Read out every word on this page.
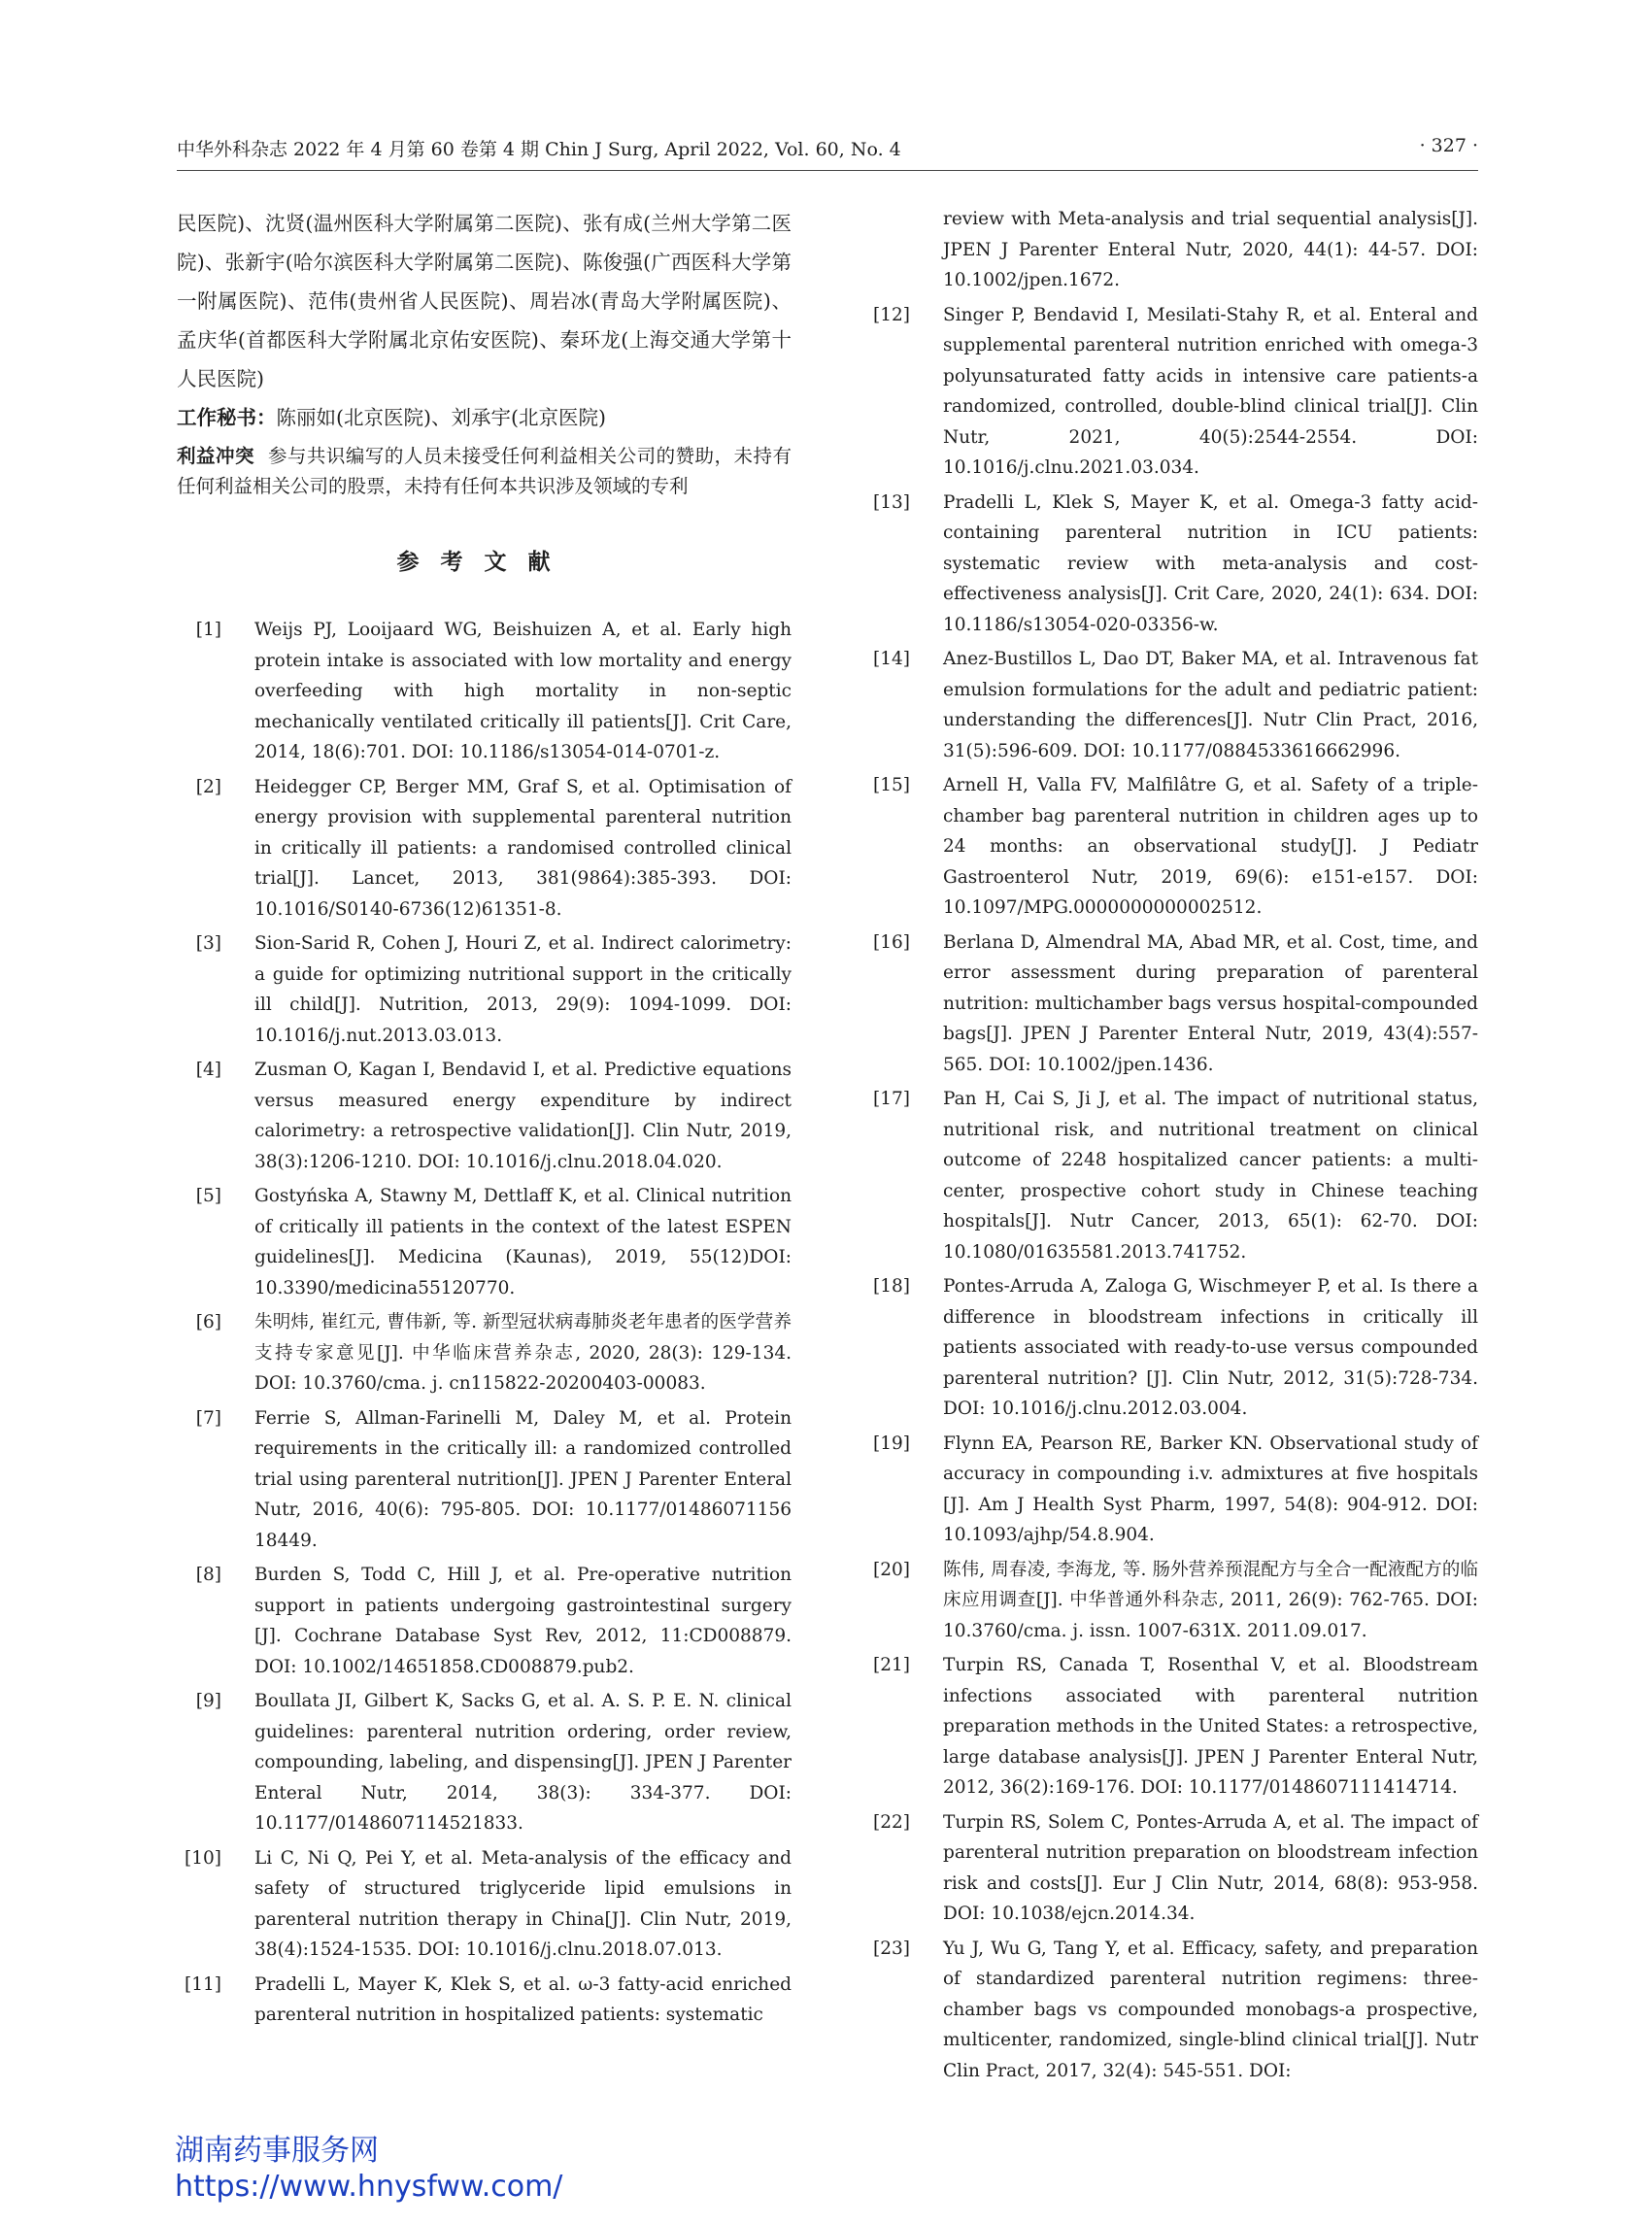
中华外科杂志 2022 年 4 月第 60 卷第 4 期 Chin J Surg, April 2022, Vol. 60, No. 4	· 327 ·

民医院)、沈贤(温州医科大学附属第二医院)、张有成(兰州大学第二医院)、张新宇(哈尔滨医科大学附属第二医院)、陈俊强(广西医科大学第一附属医院)、范伟(贵州省人民医院)、周岩冰(青岛大学附属医院)、孟庆华(首都医科大学附属北京佑安医院)、秦环龙(上海交通大学第十人民医院)

工作秘书：陈丽如(北京医院)、刘承宇(北京医院)

利益冲突 参与共识编写的人员未接受任何利益相关公司的赞助，未持有任何利益相关公司的股票，未持有任何本共识涉及领域的专利

参考文献
[1] Weijs PJ, Looijaard WG, Beishuizen A, et al. Early high protein intake is associated with low mortality and energy overfeeding with high mortality in non-septic mechanically ventilated critically ill patients[J]. Crit Care, 2014, 18(6):701. DOI: 10.1186/s13054-014-0701-z.
[2] Heidegger CP, Berger MM, Graf S, et al. Optimisation of energy provision with supplemental parenteral nutrition in critically ill patients: a randomised controlled clinical trial[J]. Lancet, 2013, 381(9864):385-393. DOI: 10.1016/S0140-6736(12)61351-8.
[3] Sion-Sarid R, Cohen J, Houri Z, et al. Indirect calorimetry: a guide for optimizing nutritional support in the critically ill child[J]. Nutrition, 2013, 29(9): 1094-1099. DOI: 10.1016/j.nut.2013.03.013.
[4] Zusman O, Kagan I, Bendavid I, et al. Predictive equations versus measured energy expenditure by indirect calorimetry: a retrospective validation[J]. Clin Nutr, 2019, 38(3):1206-1210. DOI: 10.1016/j.clnu.2018.04.020.
[5] Gostyńska A, Stawny M, Dettlaff K, et al. Clinical nutrition of critically ill patients in the context of the latest ESPEN guidelines[J]. Medicina (Kaunas), 2019, 55(12)DOI: 10.3390/medicina55120770.
[6] 朱明炜, 崔红元, 曹伟新, 等. 新型冠状病毒肺炎老年患者的医学营养支持专家意见[J]. 中华临床营养杂志, 2020, 28(3): 129-134. DOI: 10.3760/cma. j. cn115822-20200403-00083.
[7] Ferrie S, Allman-Farinelli M, Daley M, et al. Protein requirements in the critically ill: a randomized controlled trial using parenteral nutrition[J]. JPEN J Parenter Enteral Nutr, 2016, 40(6): 795-805. DOI: 10.1177/01486071156 18449.
[8] Burden S, Todd C, Hill J, et al. Pre-operative nutrition support in patients undergoing gastrointestinal surgery [J]. Cochrane Database Syst Rev, 2012, 11:CD008879. DOI: 10.1002/14651858.CD008879.pub2.
[9] Boullata JI, Gilbert K, Sacks G, et al. A. S. P. E. N. clinical guidelines: parenteral nutrition ordering, order review, compounding, labeling, and dispensing[J]. JPEN J Parenter Enteral Nutr, 2014, 38(3): 334-377. DOI: 10.1177/0148607114521833.
[10] Li C, Ni Q, Pei Y, et al. Meta-analysis of the efficacy and safety of structured triglyceride lipid emulsions in parenteral nutrition therapy in China[J]. Clin Nutr, 2019, 38(4):1524-1535. DOI: 10.1016/j.clnu.2018.07.013.
[11] Pradelli L, Mayer K, Klek S, et al. ω-3 fatty-acid enriched parenteral nutrition in hospitalized patients: systematic
review with Meta-analysis and trial sequential analysis[J]. JPEN J Parenter Enteral Nutr, 2020, 44(1): 44-57. DOI: 10.1002/jpen.1672.
[12] Singer P, Bendavid I, Mesilati-Stahy R, et al. Enteral and supplemental parenteral nutrition enriched with omega-3 polyunsaturated fatty acids in intensive care patients-a randomized, controlled, double-blind clinical trial[J]. Clin Nutr, 2021, 40(5):2544-2554. DOI: 10.1016/j.clnu.2021.03.034.
[13] Pradelli L, Klek S, Mayer K, et al. Omega-3 fatty acid-containing parenteral nutrition in ICU patients: systematic review with meta-analysis and cost-effectiveness analysis[J]. Crit Care, 2020, 24(1): 634. DOI: 10.1186/s13054-020-03356-w.
[14] Anez-Bustillos L, Dao DT, Baker MA, et al. Intravenous fat emulsion formulations for the adult and pediatric patient: understanding the differences[J]. Nutr Clin Pract, 2016, 31(5):596-609. DOI: 10.1177/0884533616662996.
[15] Arnell H, Valla FV, Malfilâtre G, et al. Safety of a triple-chamber bag parenteral nutrition in children ages up to 24 months: an observational study[J]. J Pediatr Gastroenterol Nutr, 2019, 69(6): e151-e157. DOI: 10.1097/MPG.0000000000002512.
[16] Berlana D, Almendral MA, Abad MR, et al. Cost, time, and error assessment during preparation of parenteral nutrition: multichamber bags versus hospital-compounded bags[J]. JPEN J Parenter Enteral Nutr, 2019, 43(4):557-565. DOI: 10.1002/jpen.1436.
[17] Pan H, Cai S, Ji J, et al. The impact of nutritional status, nutritional risk, and nutritional treatment on clinical outcome of 2248 hospitalized cancer patients: a multi-center, prospective cohort study in Chinese teaching hospitals[J]. Nutr Cancer, 2013, 65(1): 62-70. DOI: 10.1080/01635581.2013.741752.
[18] Pontes-Arruda A, Zaloga G, Wischmeyer P, et al. Is there a difference in bloodstream infections in critically ill patients associated with ready-to-use versus compounded parenteral nutrition? [J]. Clin Nutr, 2012, 31(5):728-734. DOI: 10.1016/j.clnu.2012.03.004.
[19] Flynn EA, Pearson RE, Barker KN. Observational study of accuracy in compounding i.v. admixtures at five hospitals [J]. Am J Health Syst Pharm, 1997, 54(8): 904-912. DOI: 10.1093/ajhp/54.8.904.
[20] 陈伟, 周春凌, 李海龙, 等. 肠外营养预混配方与全合一配液配方的临床应用调查[J]. 中华普通外科杂志, 2011, 26(9): 762-765. DOI: 10.3760/cma. j. issn. 1007-631X. 2011.09.017.
[21] Turpin RS, Canada T, Rosenthal V, et al. Bloodstream infections associated with parenteral nutrition preparation methods in the United States: a retrospective, large database analysis[J]. JPEN J Parenter Enteral Nutr, 2012, 36(2):169-176. DOI: 10.1177/0148607111414714.
[22] Turpin RS, Solem C, Pontes-Arruda A, et al. The impact of parenteral nutrition preparation on bloodstream infection risk and costs[J]. Eur J Clin Nutr, 2014, 68(8): 953-958. DOI: 10.1038/ejcn.2014.34.
[23] Yu J, Wu G, Tang Y, et al. Efficacy, safety, and preparation of standardized parenteral nutrition regimens: three-chamber bags vs compounded monobags-a prospective, multicenter, randomized, single-blind clinical trial[J]. Nutr Clin Pract, 2017, 32(4): 545-551. DOI:
湖南药事服务网
https://www.hnysfww.com/
